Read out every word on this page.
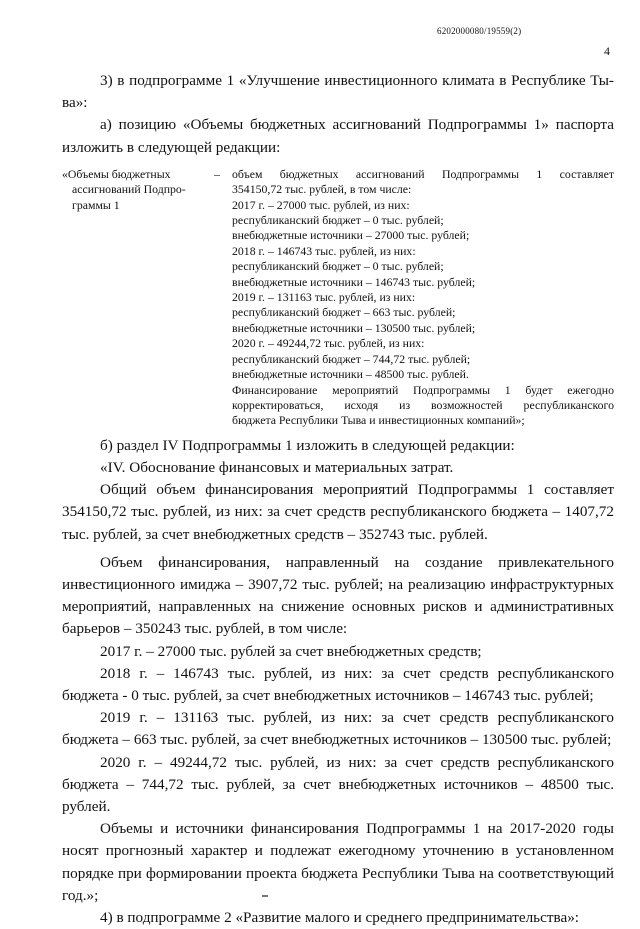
6202000080/19559(2)
4

3) в подпрограмме 1 «Улучшение инвестиционного климата в Республике Ты-

ва»:

а) позицию «Объемы бюджетных ассигнований Подпрограммы 1» паспорта

изложить в следующей редакции:

«Объемы бюджетных
ассигнований Подпро-
граммы 1
–	объем бюджетных ассигнований Подпрограммы 1 составляет
354150,72 тыс. рублей, в том числе:
2017 г. – 27000 тыс. рублей, из них:
республиканский бюджет – 0 тыс. рублей;
внебюджетные источники – 27000 тыс. рублей;
2018 г. – 146743 тыс. рублей, из них:
республиканский бюджет – 0 тыс. рублей;
внебюджетные источники – 146743 тыс. рублей;
2019 г. – 131163 тыс. рублей, из них:
республиканский бюджет – 663 тыс. рублей;
внебюджетные источники – 130500 тыс. рублей;
2020 г. – 49244,72 тыс. рублей, из них:
республиканский бюджет – 744,72 тыс. рублей;
внебюджетные источники – 48500 тыс. рублей.
Финансирование мероприятий Подпрограммы 1 будет ежегодно
корректироваться, исходя из возможностей республиканского
бюджета Республики Тыва и инвестиционных компаний»;

б) раздел IV Подпрограммы 1 изложить в следующей редакции:

«IV. Обоснование финансовых и материальных затрат.

Общий объем финансирования мероприятий Подпрограммы 1 составляет 354150,72 тыс. рублей, из них: за счет средств республиканского бюджета – 1407,72 тыс. рублей, за счет внебюджетных средств – 352743 тыс. рублей.

Объем финансирования, направленный на создание привлекательного инвестиционного имиджа – 3907,72 тыс. рублей; на реализацию инфраструктурных мероприятий, направленных на снижение основных рисков и административных барьеров – 350243 тыс. рублей, в том числе:

2017 г. – 27000 тыс. рублей за счет внебюджетных средств;

2018 г. – 146743 тыс. рублей, из них: за счет средств республиканского бюджета - 0 тыс. рублей, за счет внебюджетных источников – 146743 тыс. рублей;

2019 г. – 131163 тыс. рублей, из них: за счет средств республиканского бюджета – 663 тыс. рублей, за счет внебюджетных источников – 130500 тыс. рублей;

2020 г. – 49244,72 тыс. рублей, из них: за счет средств республиканского бюджета – 744,72 тыс. рублей, за счет внебюджетных источников – 48500 тыс. рублей.

Объемы и источники финансирования Подпрограммы 1 на 2017-2020 годы носят прогнозный характер и подлежат ежегодному уточнению в установленном порядке при формировании проекта бюджета Республики Тыва на соответствующий год.»;

4) в подпрограмме 2 «Развитие малого и среднего предпринимательства»:
